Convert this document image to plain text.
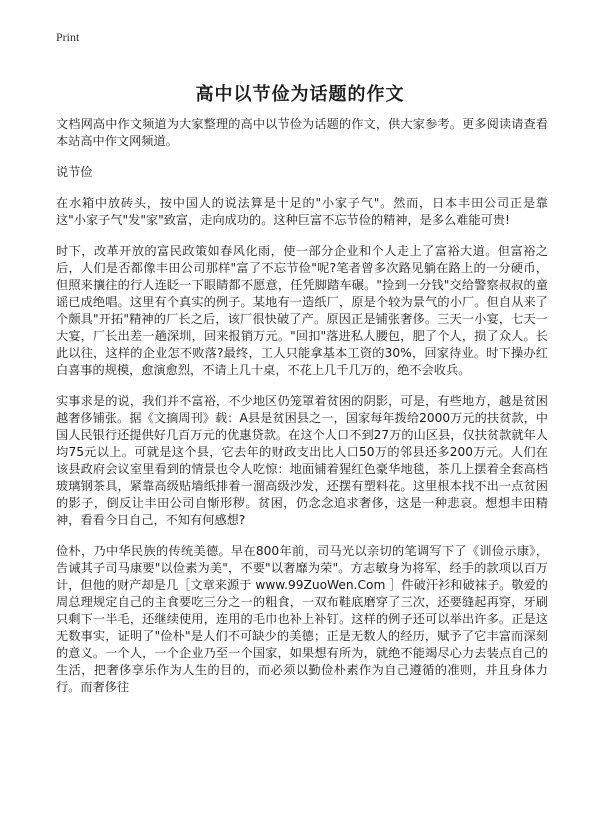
Print
高中以节俭为话题的作文

文档网高中作文频道为大家整理的高中以节俭为话题的作文，供大家参考。更多阅读请查看本站高中作文网频道。

说节俭

在水箱中放砖头，按中国人的说法算是十足的"小家子气"。然而，日本丰田公司正是靠这"小家子气"发"家"致富，走向成功的。这种巨富不忘节俭的精神，是多么难能可贵!

时下，改革开放的富民政策如春风化雨，使一部分企业和个人走上了富裕大道。但富裕之后，人们是否都像丰田公司那样"富了不忘节俭"呢?笔者曾多次路见躺在路上的一分硬币，但照来攘往的行人连眨一下眼睛都不愿意，任凭脚踏车碾。"捡到一分钱"交给警察叔叔的童谣已成绝唱。这里有个真实的例子。某地有一造纸厂，原是个较为景气的小厂。但自从来了个颇具"开拓"精神的厂长之后，该厂很快破了产。原因正是铺张奢侈。三天一小宴，七天一大宴，厂长出差一趟深圳，回来报销万元。"回扣"落进私人腰包，肥了个人，损了众人。长此以往，这样的企业怎不败落?最终，工人只能拿基本工资的30%，回家待业。时下操办红白喜事的规模，愈演愈烈，不请上几十桌，不花上几千几万的，绝不会收兵。

实事求是的说，我们并不富裕，不少地区仍笼罩着贫困的阴影，可是，有些地方，越是贫困越奢侈铺张。据《文摘周刊》载：A县是贫困县之一，国家每年拨给2000万元的扶贫款，中国人民银行还提供好几百万元的优惠贷款。在这个人口不到27万的山区县，仅扶贫款就年人均75元以上。可就是这个县，它去年的财政支出比人口50万的邻县还多200万元。人们在该县政府会议室里看到的情景也令人吃惊：地面铺着猩红色豪华地毯，茶几上摆着全套高档玻璃钢茶具，紧靠高级贴墙纸排着一溜高级沙发，还摆有塑料花。这里根本找不出一点贫困的影子，倒反让丰田公司自惭形秽。贫困，仍念念追求奢侈，这是一种悲哀。想想丰田精神，看看今日自己，不知有何感想?

俭朴，乃中华民族的传统美德。早在800年前，司马光以亲切的笔调写下了《训俭示康》，告诫其子司马康要"以俭素为美"，不要"以奢靡为荣"。方志敏身为将军，经手的款项以百万计，但他的财产却是几［文章来源于 www.99ZuoWen.Com ］件破汗衫和破袜子。敬爱的周总理规定自己的主食要吃三分之一的粗食，一双布鞋底磨穿了三次，还要缝起再穿，牙刷只剩下一半毛，还继续使用，连用的毛巾也补上补钉。这样的例子还可以举出许多。正是这无数事实，证明了"俭朴"是人们不可缺少的美德；正是无数人的经历，赋予了它丰富而深刻的意义。一个人，一个企业乃至一个国家，如果想有所为，就绝不能竭尽心力去装点自己的生活，把奢侈享乐作为人生的目的，而必须以勤俭朴素作为自己遵循的准则，并且身体力行。而奢侈往
